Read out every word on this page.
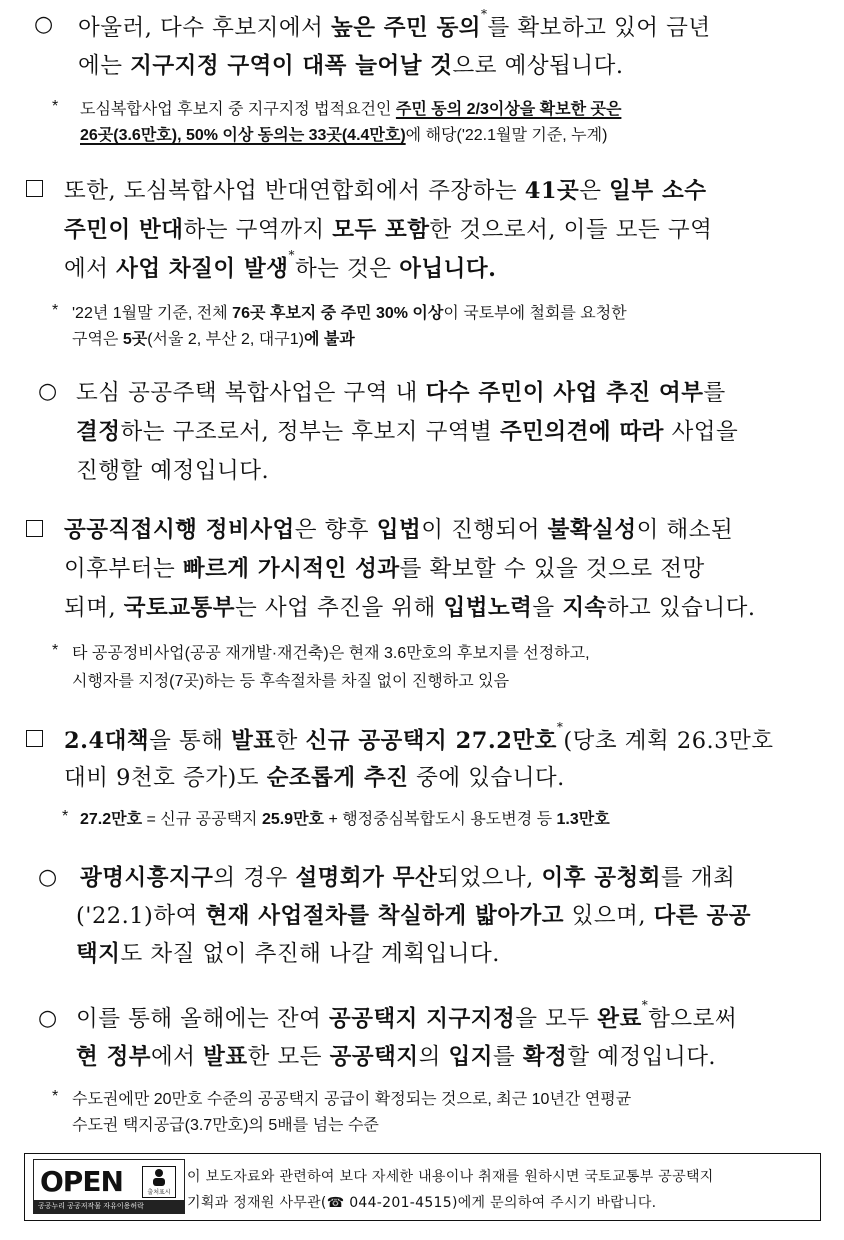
○ 아울러, 다수 후보지에서 높은 주민 동의*를 확보하고 있어 금년
에는 지구지정 구역이 대폭 늘어날 것으로 예상됩니다.
* 도심복합사업 후보지 중 지구지정 법적요건인 주민 동의 2/3이상을 확보한 곳은
26곳(3.6만호), 50% 이상 동의는 33곳(4.4만호)에 해당('22.1월말 기준, 누계)
또한, 도심복합사업 반대연합회에서 주장하는 41곳은 일부 소수
주민이 반대하는 구역까지 모두 포함한 것으로서, 이들 모든 구역
에서 사업 차질이 발생*하는 것은 아닙니다.
* '22년 1월말 기준, 전체 76곳 후보지 중 주민 30% 이상이 국토부에 철회를 요청한
구역은 5곳(서울 2, 부산 2, 대구1)에 불과
○ 도심 공공주택 복합사업은 구역 내 다수 주민이 사업 추진 여부를
결정하는 구조로서, 정부는 후보지 구역별 주민의견에 따라 사업을
진행할 예정입니다.
공공직접시행 정비사업은 향후 입법이 진행되어 불확실성이 해소된
이후부터는 빠르게 가시적인 성과를 확보할 수 있을 것으로 전망
되며, 국토교통부는 사업 추진을 위해 입법노력을 지속하고 있습니다.
* 타 공공정비사업(공공 재개발·재건축)은 현재 3.6만호의 후보지를 선정하고,
시행자를 지정(7곳)하는 등 후속절차를 차질 없이 진행하고 있음
2.4대책을 통해 발표한 신규 공공택지 27.2만호*(당초 계획 26.3만호
대비 9천호 증가)도 순조롭게 추진 중에 있습니다.
* 27.2만호 = 신규 공공택지 25.9만호 + 행정중심복합도시 용도변경 등 1.3만호
○ 광명시흥지구의 경우 설명회가 무산되었으나, 이후 공청회를 개최
('22.1)하여 현재 사업절차를 착실하게 밟아가고 있으며, 다른 공공
택지도 차질 없이 추진해 나갈 계획입니다.
○ 이를 통해 올해에는 잔여 공공택지 지구지정을 모두 완료*함으로써
현 정부에서 발표한 모든 공공택지의 입지를 확정할 예정입니다.
* 수도권에만 20만호 수준의 공공택지 공급이 확정되는 것으로, 최근 10년간 연평균
수도권 택지공급(3.7만호)의 5배를 넘는 수준
OPEN	출처표시
공공누리 공공저작물 자유이용허락
이 보도자료와 관련하여 보다 자세한 내용이나 취재를 원하시면 국토교통부 공공택지
기획과 정재원 사무관(☎ 044-201-4515)에게 문의하여 주시기 바랍니다.
